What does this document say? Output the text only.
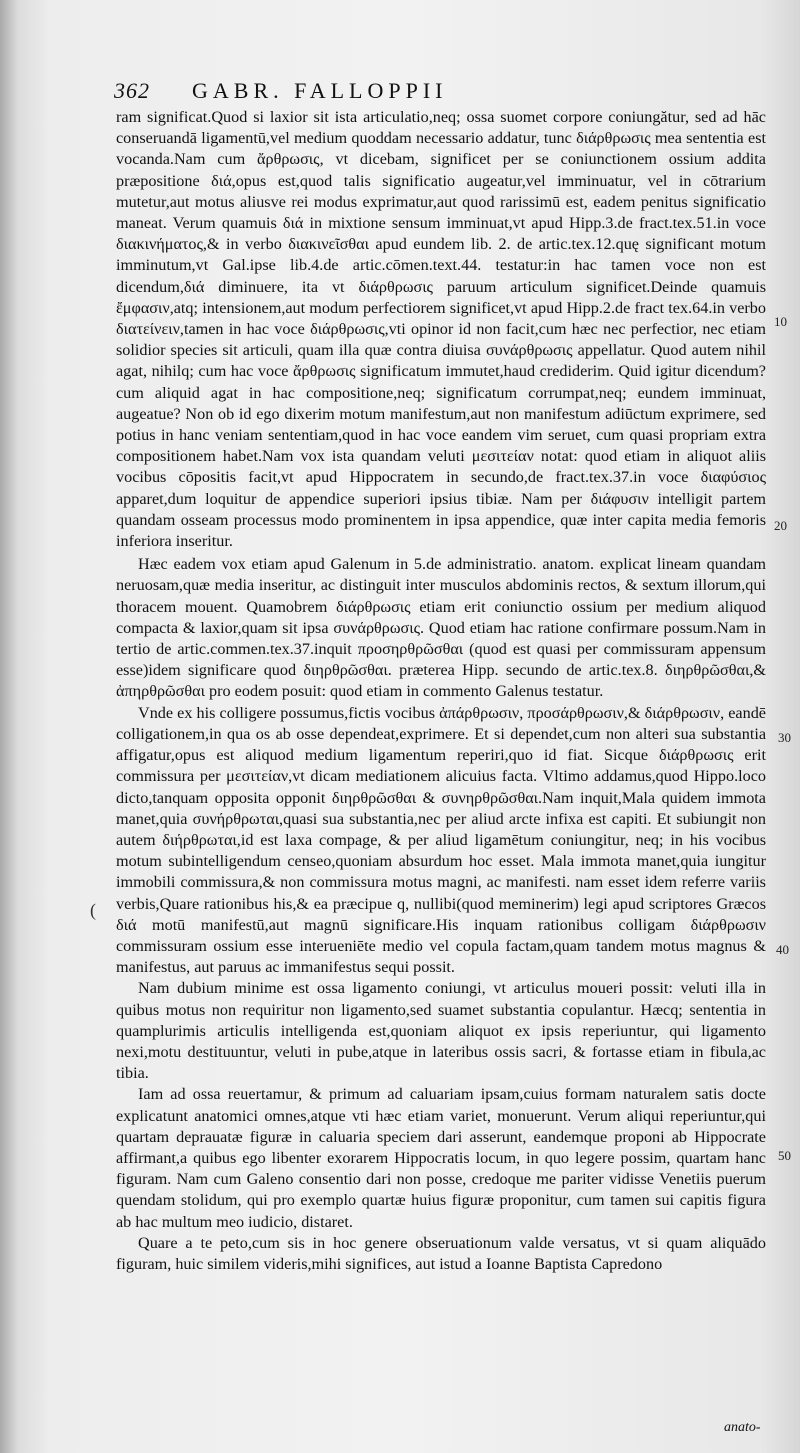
362 GABR. FALLOPPII

ram significat.Quod si laxior sit ista articulatio,neq; ossa suomet corpore coniungătur, sed ad hāc conseruandā ligamentū,vel medium quoddam necessario addatur, tunc διάρθρωσις mea sententia est vocanda.Nam cum ἄρθρωσις, vt dicebam, significet per se coniunctionem ossium addita præpositione διά,opus est,quod talis significatio augeatur,vel imminuatur, vel in cōtrarium mutetur,aut motus aliusve rei modus exprimatur,aut quod rarissimū est, eadem penitus significatio maneat. Verum quamuis διά in mixtione sensum imminuat,vt apud Hipp.3.de fract.tex.51.in voce διακινήματος,& in verbo διακινεῖσθαι apud eundem lib. 2. de artic.tex.12.quę significant motum imminutum,vt Gal.ipse lib.4.de artic.cōmen.text.44. testatur:in hac tamen voce non est dicendum,διά diminuere, ita vt διάρθρωσις paruum articulum significet.Deinde quamuis ἔμφασιν,atq; intensionem,aut modum perfectiorem significet,vt apud Hipp.2.de fract tex.64.in verbo διατείνειν,tamen in hac voce διάρθρωσις,vti opinor id non facit,cum hæc nec perfectior, nec etiam solidior species sit articuli, quam illa quæ contra diuisa συνάρθρωσις appellatur. Quod autem nihil agat, nihilq; cum hac voce ἄρθρωσις significatum immutet,haud crediderim. Quid igitur dicendum? cum aliquid agat in hac compositione,neq; significatum corrumpat,neq; eundem imminuat, augeatue? Non ob id ego dixerim motum manifestum,aut non manifestum adiūctum exprimere, sed potius in hanc veniam sententiam,quod in hac voce eandem vim seruet, cum quasi propriam extra compositionem habet.Nam vox ista quandam veluti μεσιτείαν notat: quod etiam in aliquot aliis vocibus cōpositis facit,vt apud Hippocratem in secundo,de fract.tex.37.in voce διαφύσιος apparet,dum loquitur de appendice superiori ipsius tibiæ. Nam per διάφυσιν intelligit partem quandam osseam processus modo prominentem in ipsa appendice, quæ inter capita media femoris inferiora inseritur.

Hæc eadem vox etiam apud Galenum in 5.de administratio. anatom. explicat lineam quandam neruosam,quæ media inseritur, ac distinguit inter musculos abdominis rectos, & sextum illorum,qui thoracem mouent. Quamobrem διάρθρωσις etiam erit coniunctio ossium per medium aliquod compacta & laxior,quam sit ipsa συνάρθρωσις. Quod etiam hac ratione confirmare possum.Nam in tertio de artic.commen.tex.37.inquit προσηρθρῶσθαι (quod est quasi per commissuram appensum esse)idem significare quod διηρθρῶσθαι. præterea Hipp. secundo de artic.tex.8. διηρθρῶσθαι,& ἀπηρθρῶσθαι pro eodem posuit: quod etiam in commento Galenus testatur.

Vnde ex his colligere possumus,fictis vocibus ἀπάρθρωσιν, προσάρθρωσιν,& διάρθρωσιν, eandē colligationem,in qua os ab osse dependeat,exprimere. Et si dependet,cum non alteri sua substantia affigatur,opus est aliquod medium ligamentum reperiri,quo id fiat. Sicque διάρθρωσις erit commissura per μεσιτείαν,vt dicam mediationem alicuius facta. Vltimo addamus,quod Hippo.loco dicto,tanquam opposita opponit διηρθρῶσθαι & συνηρθρῶσθαι.Nam inquit,Mala quidem immota manet,quia συνήρθρωται,quasi sua substantia,nec per aliud arcte infixa est capiti. Et subiungit non autem διήρθρωται,id est laxa compage, & per aliud ligamētum coniungitur, neq; in his vocibus motum subintelligendum censeo,quoniam absurdum hoc esset. Mala immota manet,quia iungitur immobili commissura,& non commissura motus magni, ac manifesti. nam esset idem referre variis verbis,Quare rationibus his,& ea præcipue q, nullibi(quod meminerim) legi apud scriptores Græcos διά motū manifestū,aut magnū significare.His inquam rationibus colligam διάρθρωσιν commissuram ossium esse interueniēte medio vel copula factam,quam tandem motus magnus & manifestus, aut paruus ac immanifestus sequi possit.

Nam dubium minime est ossa ligamento coniungi, vt articulus moueri possit: veluti illa in quibus motus non requiritur non ligamento,sed suamet substantia copulantur. Hæcq; sententia in quamplurimis articulis intelligenda est,quoniam aliquot ex ipsis reperiuntur, qui ligamento nexi,motu destituuntur, veluti in pube,atque in lateribus ossis sacri, & fortasse etiam in fibula,ac tibia.

Iam ad ossa reuertamur, & primum ad caluariam ipsam,cuius formam naturalem satis docte explicatunt anatomici omnes,atque vti hæc etiam variet, monuerunt. Verum aliqui reperiuntur,qui quartam deprauatæ figuræ in caluaria speciem dari asserunt, eandemque proponi ab Hippocrate affirmant,a quibus ego libenter exorarem Hippocratis locum, in quo legere possim, quartam hanc figuram. Nam cum Galeno consentio dari non posse, credoque me pariter vidisse Venetiis puerum quendam stolidum, qui pro exemplo quartæ huius figuræ proponitur, cum tamen sui capitis figura ab hac multum meo iudicio, distaret.

Quare a te peto,cum sis in hoc genere obseruationum valde versatus, vt si quam aliquādo figuram, huic similem videris,mihi significes, aut istud a Ioanne Baptista Capredono

10
20
30
40
50
(
anato-
